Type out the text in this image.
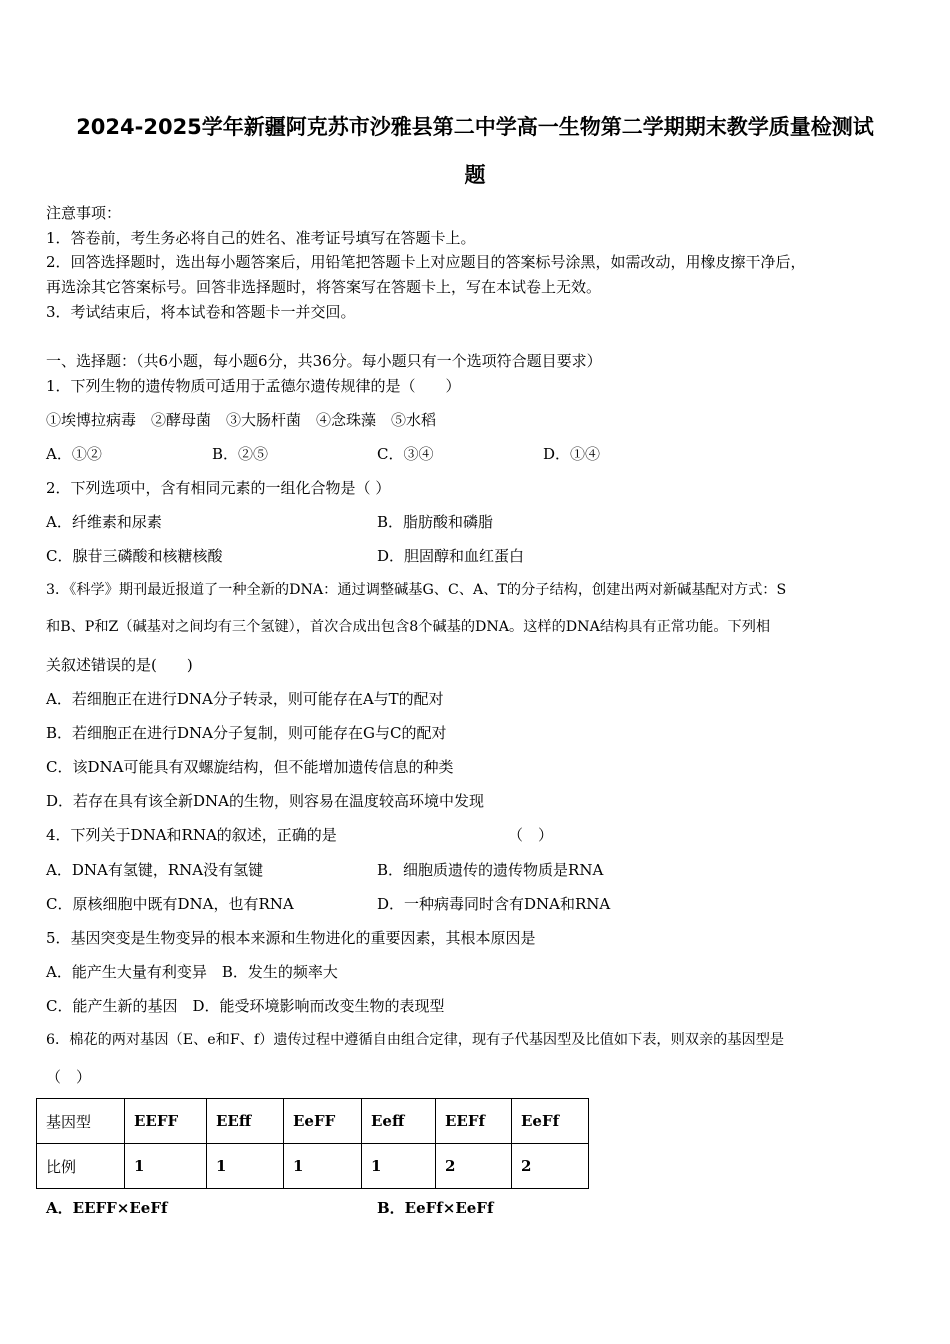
2024-2025学年新疆阿克苏市沙雅县第二中学高一生物第二学期期末教学质量检测试
题
注意事项：
1．答卷前，考生务必将自己的姓名、准考证号填写在答题卡上。
2．回答选择题时，选出每小题答案后，用铅笔把答题卡上对应题目的答案标号涂黑，如需改动，用橡皮擦干净后，
再选涂其它答案标号。回答非选择题时，将答案写在答题卡上，写在本试卷上无效。
3．考试结束后，将本试卷和答题卡一并交回。
一、选择题：（共6小题，每小题6分，共36分。每小题只有一个选项符合题目要求）
1．下列生物的遗传物质可适用于孟德尔遗传规律的是（　　）
①埃博拉病毒　②酵母菌　③大肠杆菌　④念珠藻　⑤水稻
A．①②	B．②⑤	C．③④	D．①④
2．下列选项中，含有相同元素的一组化合物是（ ）
A．纤维素和尿素	B．脂肪酸和磷脂
C．腺苷三磷酸和核糖核酸	D．胆固醇和血红蛋白
3．《科学》期刊最近报道了一种全新的DNA：通过调整碱基G、C、A、T的分子结构，创建出两对新碱基配对方式：S
和B、P和Z（碱基对之间均有三个氢键），首次合成出包含8个碱基的DNA。这样的DNA结构具有正常功能。下列相
关叙述错误的是(　　)
A．若细胞正在进行DNA分子转录，则可能存在A与T的配对
B．若细胞正在进行DNA分子复制，则可能存在G与C的配对
C．该DNA可能具有双螺旋结构，但不能增加遗传信息的种类
D．若存在具有该全新DNA的生物，则容易在温度较高环境中发现
4．下列关于DNA和RNA的叙述，正确的是	（　）
A．DNA有氢键，RNA没有氢键	B．细胞质遗传的遗传物质是RNA
C．原核细胞中既有DNA，也有RNA	D．一种病毒同时含有DNA和RNA
5．基因突变是生物变异的根本来源和生物进化的重要因素，其根本原因是
A．能产生大量有利变异　B．发生的频率大
C．能产生新的基因　D．能受环境影响而改变生物的表现型
6．棉花的两对基因（E、e和F、f）遗传过程中遵循自由组合定律，现有子代基因型及比值如下表，则双亲的基因型是
（　）
基因型	EEFF	EEff	EeFF	Eeff	EEFf	EeFf
比例	1	1	1	1	2	2
A．EEFF×EeFf	B．EeFf×EeFf
